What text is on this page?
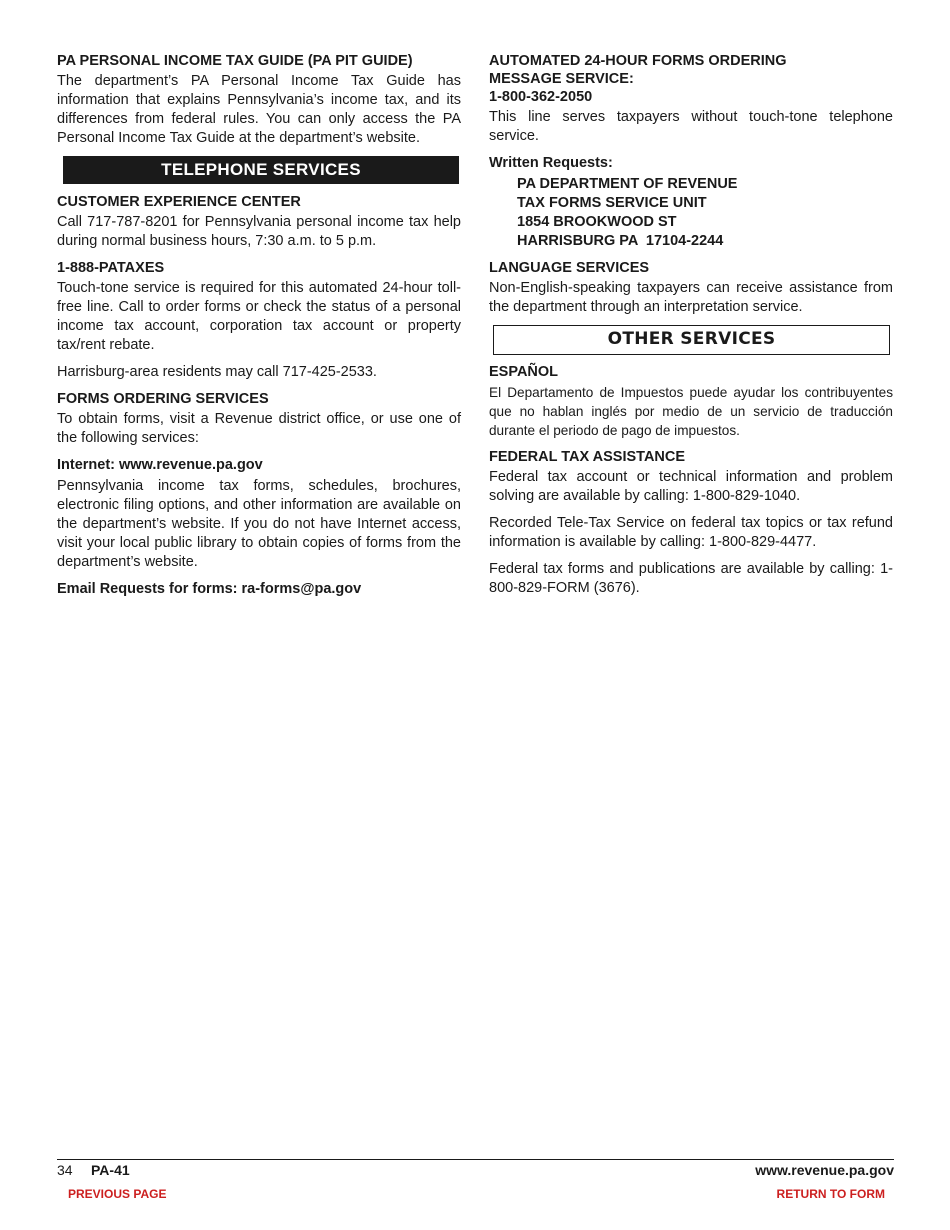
PA PERSONAL INCOME TAX GUIDE (PA PIT GUIDE)
The department’s PA Personal Income Tax Guide has information that explains Pennsylvania’s income tax, and its differences from federal rules. You can only access the PA Personal Income Tax Guide at the department’s website.
TELEPHONE SERVICES
CUSTOMER EXPERIENCE CENTER
Call 717-787-8201 for Pennsylvania personal income tax help during normal business hours, 7:30 a.m. to 5 p.m.
1-888-PATAXES
Touch-tone service is required for this automated 24-hour toll-free line. Call to order forms or check the status of a personal income tax account, corporation tax account or property tax/rent rebate.
Harrisburg-area residents may call 717-425-2533.
FORMS ORDERING SERVICES
To obtain forms, visit a Revenue district office, or use one of the following services:
Internet: www.revenue.pa.gov
Pennsylvania income tax forms, schedules, brochures, electronic filing options, and other information are available on the department’s website. If you do not have Internet access, visit your local public library to obtain copies of forms from the department’s website.
Email Requests for forms: ra-forms@pa.gov
AUTOMATED 24-HOUR FORMS ORDERING
MESSAGE SERVICE:
1-800-362-2050
This line serves taxpayers without touch-tone telephone service.
Written Requests:
PA DEPARTMENT OF REVENUE
TAX FORMS SERVICE UNIT
1854 BROOKWOOD ST
HARRISBURG PA  17104-2244
LANGUAGE SERVICES
Non-English-speaking taxpayers can receive assistance from the department through an interpretation service.
OTHER SERVICES
ESPAÑOL
El Departamento de Impuestos puede ayudar los contribuyentes que no hablan inglés por medio de un servicio de traducción durante el periodo de pago de impuestos.
FEDERAL TAX ASSISTANCE
Federal tax account or technical information and problem solving are available by calling: 1-800-829-1040.
Recorded Tele-Tax Service on federal tax topics or tax refund information is available by calling: 1-800-829-4477.
Federal tax forms and publications are available by calling: 1-800-829-FORM (3676).
34 PA-41	www.revenue.pa.gov
PREVIOUS PAGE	RETURN TO FORM
